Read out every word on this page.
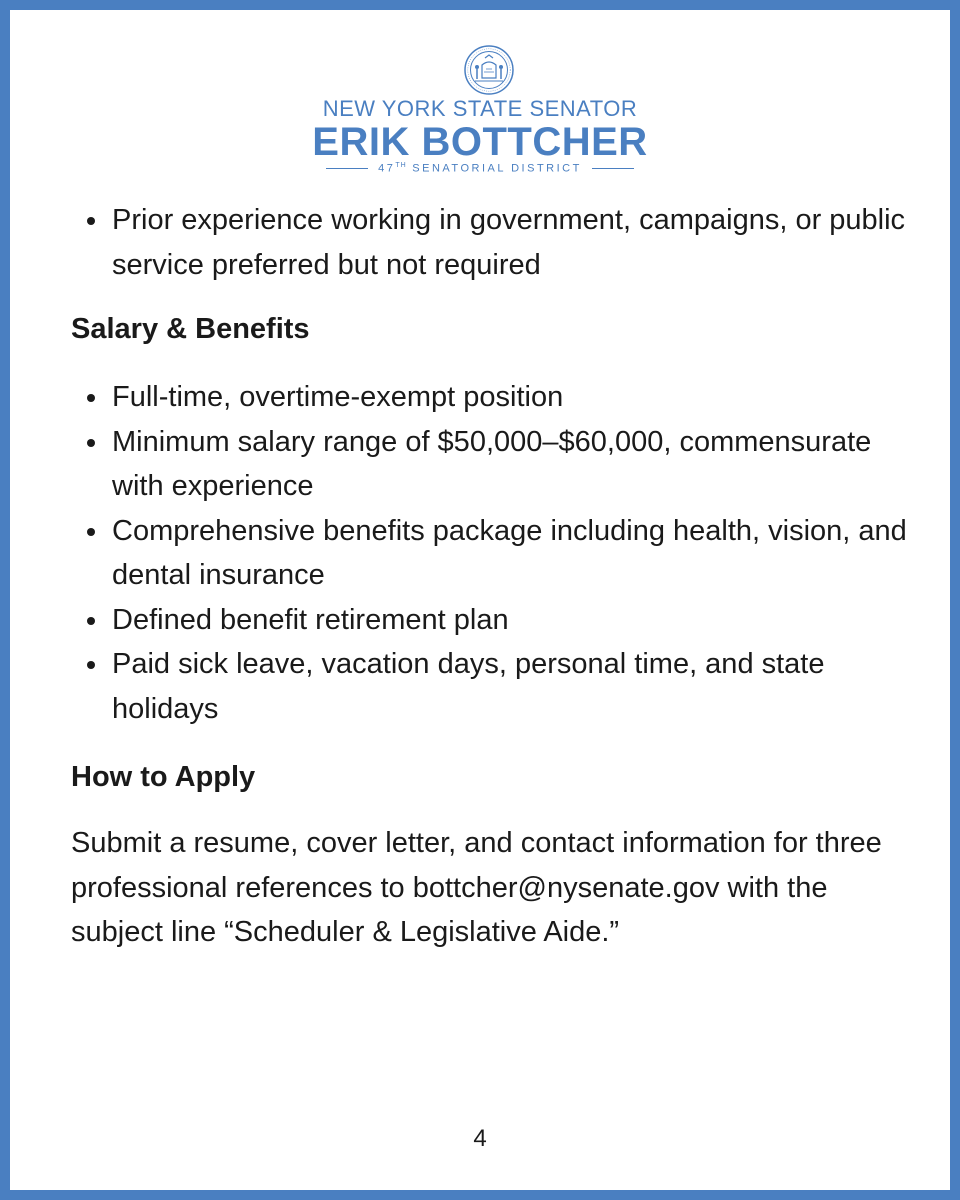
NEW YORK STATE SENATOR
ERIK BOTTCHER
47TH SENATORIAL DISTRICT
Prior experience working in government, campaigns, or public service preferred but not required
Salary & Benefits
Full-time, overtime-exempt position
Minimum salary range of $50,000–$60,000, commensurate with experience
Comprehensive benefits package including health, vision, and dental insurance
Defined benefit retirement plan
Paid sick leave, vacation days, personal time, and state holidays
How to Apply

Submit a resume, cover letter, and contact information for three professional references to bottcher@nysenate.gov with the subject line “Scheduler & Legislative Aide.”

4
